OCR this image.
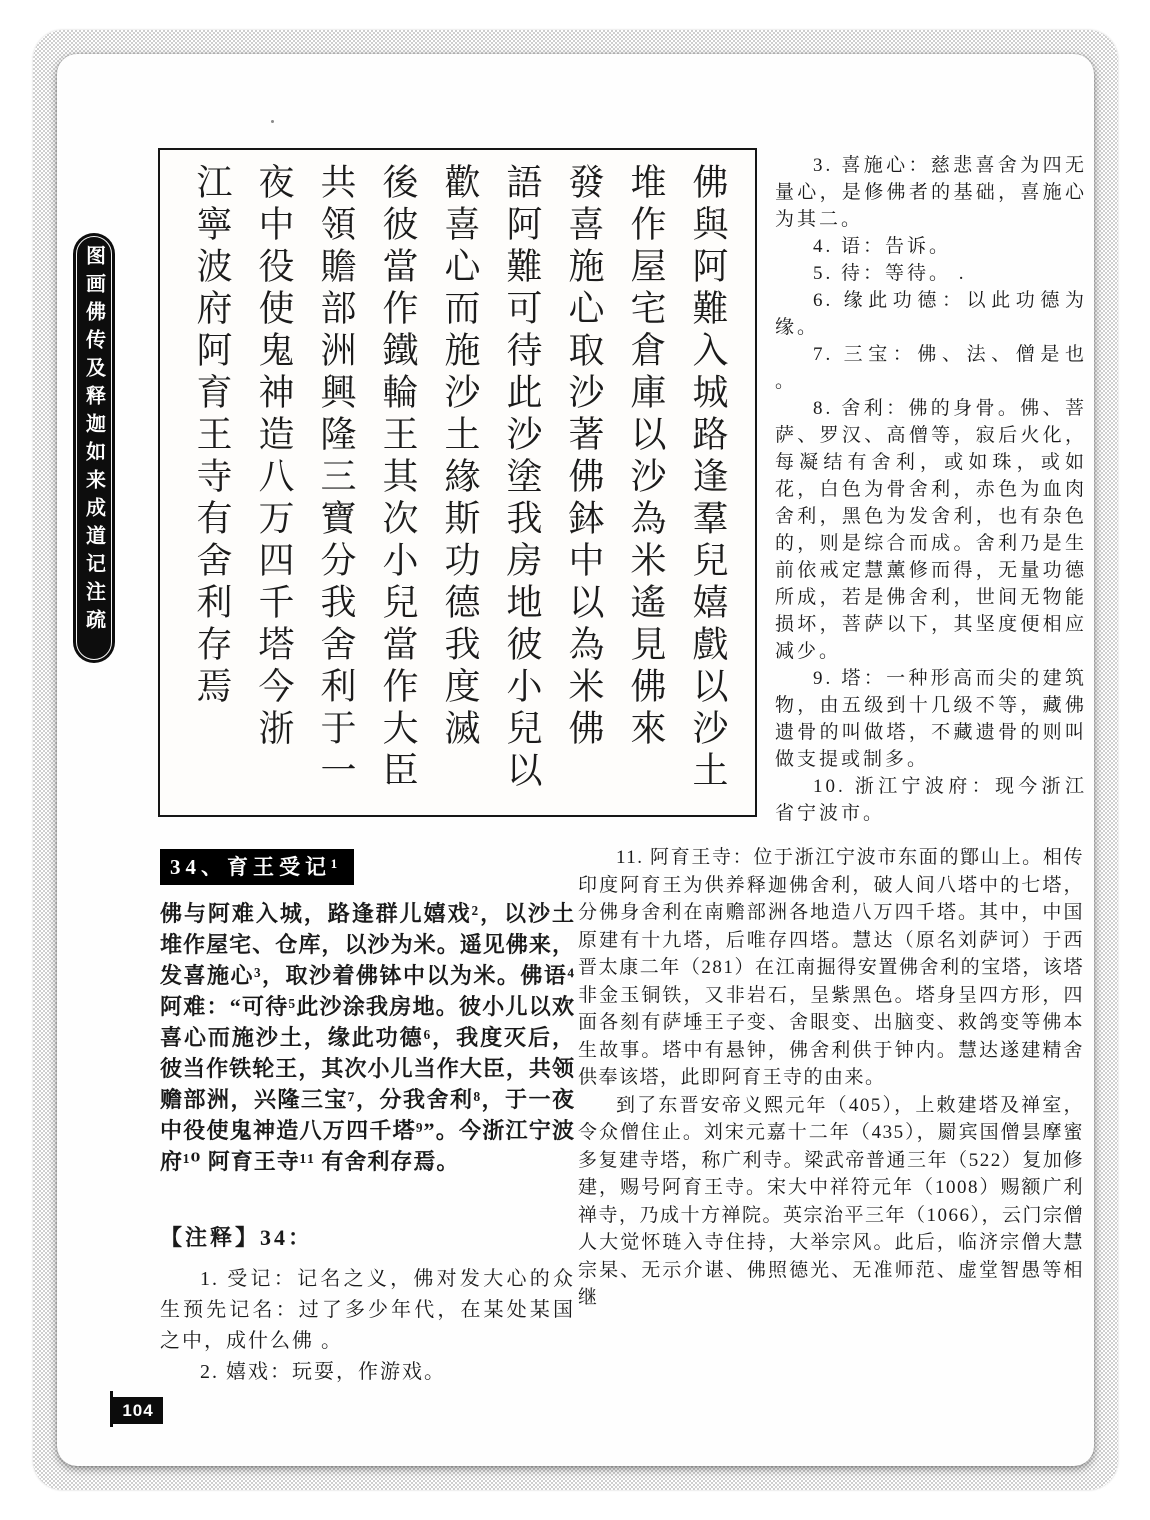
图画佛传及释迦如来成道记注疏	佛與阿難入城路逢羣兒嬉戲以沙土
堆作屋宅倉庫以沙為米遙見佛來
發喜施心取沙著佛鉢中以為米佛
語阿難可待此沙塗我房地彼小兒以
歡喜心而施沙土緣斯功德我度滅
後彼當作鐵輪王其次小兒當作大臣
共領贍部洲興隆三寶分我舍利于一
夜中役使鬼神造八万四千塔今浙
江寧波府阿育王寺有舍利存焉	3. 喜施心：慈悲喜舍为四无量心，是修佛者的基础，喜施心为其二。

4. 语：告诉。

5. 待：等待。 .

6. 缘此功德：以此功德为缘。

7. 三宝：佛、法、僧是也 。

8. 舍利：佛的身骨。佛、菩萨、罗汉、高僧等，寂后火化，每凝结有舍利，或如珠，或如花，白色为骨舍利，赤色为血肉舍利，黑色为发舍利，也有杂色的，则是综合而成。舍利乃是生前依戒定慧薰修而得，无量功德所成，若是佛舍利，世间无物能损坏，菩萨以下，其坚度便相应减少。

9. 塔：一种形高而尖的建筑物，由五级到十几级不等，藏佛遗骨的叫做塔，不藏遗骨的则叫做支提或制多。

10. 浙江宁波府：现今浙江省宁波市。

11. 阿育王寺：位于浙江宁波市东面的鄮山上。相传印度阿育王为供养释迦佛舍利，破人间八塔中的七塔，分佛身舍利在南赡部洲各地造八万四千塔。其中，中国原建有十九塔，后唯存四塔。慧达（原名刘萨诃）于西晋太康二年（281）在江南掘得安置佛舍利的宝塔，该塔非金玉铜铁，又非岩石，呈紫黑色。塔身呈四方形，四面各刻有萨埵王子变、舍眼变、出脑变、救鸽变等佛本生故事。塔中有悬钟，佛舍利供于钟内。慧达遂建精舍供奉该塔，此即阿育王寺的由来。

到了东晋安帝义熙元年（405），上敕建塔及禅室，令众僧住止。刘宋元嘉十二年（435），罽宾国僧昙摩蜜多复建寺塔，称广利寺。梁武帝普通三年（522）复加修建，赐号阿育王寺。宋大中祥符元年（1008）赐额广利禅寺，乃成十方禅院。英宗治平三年（1066），云门宗僧人大觉怀琏入寺住持，大举宗风。此后，临济宗僧大慧宗杲、无示介谌、佛照德光、无准师范、虚堂智愚等相继

34、育王受记¹

佛与阿难入城，路逢群儿嬉戏²，以沙土堆作屋宅、仓库，以沙为米。遥见佛来，发喜施心³，取沙着佛钵中以为米。佛语⁴阿难：“可待⁵此沙涂我房地。彼小儿以欢喜心而施沙土，缘此功德⁶，我度灭后，彼当作铁轮王，其次小儿当作大臣，共领赡部洲，兴隆三宝⁷，分我舍利⁸，于一夜中役使鬼神造八万四千塔⁹”。今浙江宁波府¹⁰ 阿育王寺¹¹ 有舍利存焉。

【注释】34：

1. 受记：记名之义，佛对发大心的众生预先记名：过了多少年代，在某处某国之中，成什么佛 。

2. 嬉戏：玩耍，作游戏。

104
